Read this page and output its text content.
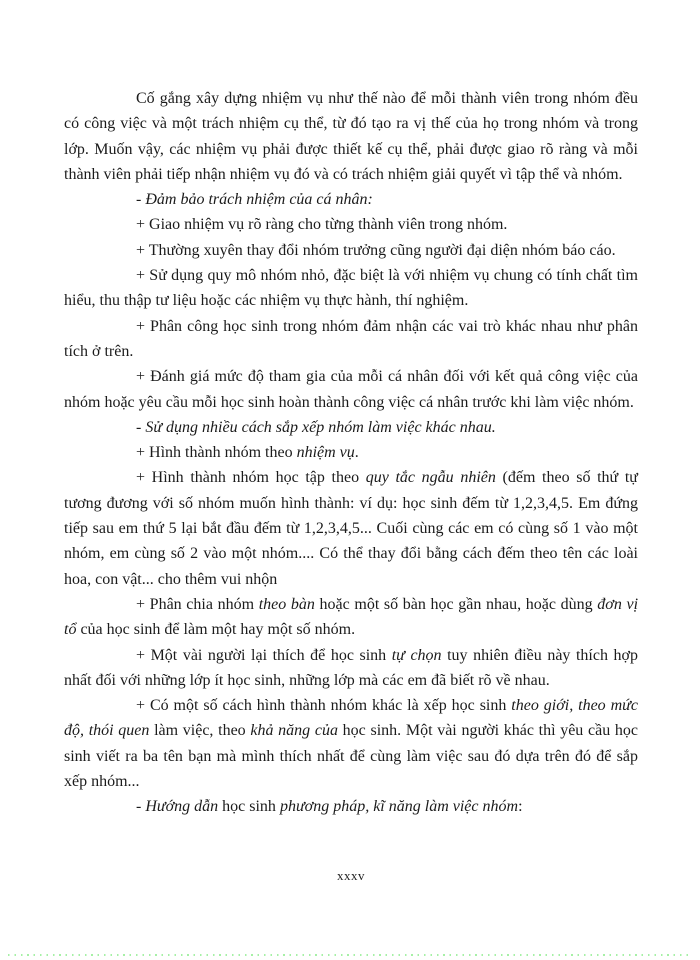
Cố gắng xây dựng nhiệm vụ như thế nào để mỗi thành viên trong nhóm đều có công việc và một trách nhiệm cụ thể, từ đó tạo ra vị thế của họ trong nhóm và trong lớp. Muốn vậy, các nhiệm vụ phải được thiết kế cụ thể, phải được giao rõ ràng và mỗi thành viên phải tiếp nhận nhiệm vụ đó và có trách nhiệm giải quyết vì tập thể và nhóm.

- Đảm bảo trách nhiệm của cá nhân:

+ Giao nhiệm vụ rõ ràng cho từng thành viên trong nhóm.

+ Thường xuyên thay đổi nhóm trưởng cũng người đại diện nhóm báo cáo.

+ Sử dụng quy mô nhóm nhỏ, đặc biệt là với nhiệm vụ chung có tính chất tìm hiểu, thu thập tư liệu hoặc các nhiệm vụ thực hành, thí nghiệm.

+ Phân công học sinh trong nhóm đảm nhận các vai trò khác nhau như phân tích ở trên.

+ Đánh giá mức độ tham gia của mỗi cá nhân đối với kết quả công việc của nhóm hoặc yêu cầu mỗi học sinh hoàn thành công việc cá nhân trước khi làm việc nhóm.

- Sử dụng nhiều cách sắp xếp nhóm làm việc khác nhau.

+ Hình thành nhóm theo nhiệm vụ.

+ Hình thành nhóm học tập theo quy tắc ngẫu nhiên (đếm theo số thứ tự tương đương với số nhóm muốn hình thành: ví dụ: học sinh đếm từ 1,2,3,4,5. Em đứng tiếp sau em thứ 5 lại bắt đầu đếm từ 1,2,3,4,5... Cuối cùng các em có cùng số 1 vào một nhóm, em cùng số 2 vào một nhóm.... Có thể thay đổi bằng cách đếm theo tên các loài hoa, con vật... cho thêm vui nhộn

+ Phân chia nhóm theo bàn hoặc một số bàn học gần nhau, hoặc dùng đơn vị tổ của học sinh để làm một hay một số nhóm.

+ Một vài người lại thích để học sinh tự chọn tuy nhiên điều này thích hợp nhất đối với những lớp ít học sinh, những lớp mà các em đã biết rõ về nhau.

+ Có một số cách hình thành nhóm khác là xếp học sinh theo giới, theo mức độ, thói quen làm việc, theo khả năng của học sinh. Một vài người khác thì yêu cầu học sinh viết ra ba tên bạn mà mình thích nhất để cùng làm việc sau đó dựa trên đó để sắp xếp nhóm...

- Hướng dẫn học sinh phương pháp, kĩ năng làm việc nhóm:

xxxv
